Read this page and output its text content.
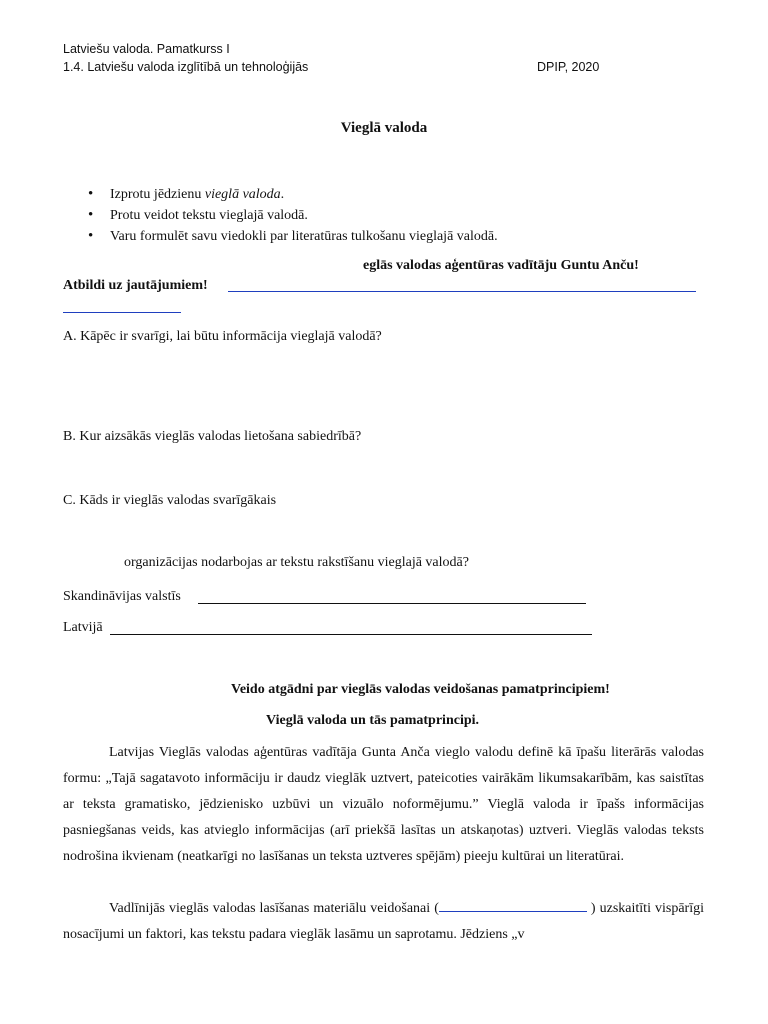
Latviešu valoda. Pamatkurss I
1.4. Latviešu valoda izglītībā un tehnoloģijās	DPIP, 2020
Vieglā valoda
• Izprotu jēdzienu vieglā valoda.
• Protu veidot tekstu vieglajā valodā.
• Varu formulēt savu viedokli par literatūras tulkošanu vieglajā valodā.
eglās valodas aģentūras vadītāju Guntu Anču!
Atbildi uz jautājumiem!
A. Kāpēc ir svarīgi, lai būtu informācija vieglajā valodā?
B. Kur aizsākās vieglās valodas lietošana sabiedrībā?
C. Kāds ir vieglās valodas svarīgākais
organizācijas nodarbojas ar tekstu rakstīšanu vieglajā valodā?
Skandināvijas valstīs
Latvijā
Veido atgādni par vieglās valodas veidošanas pamatprincipiem!
Vieglā valoda un tās pamatprincipi.
Latvijas Vieglās valodas aģentūras vadītāja Gunta Anča vieglo valodu definē kā īpašu literārās valodas formu: „Tajā sagatavoto informāciju ir daudz vieglāk uztvert, pateicoties vairākām likumsakarībām, kas saistītas ar teksta gramatisko, jēdzienisko uzbūvi un vizuālo noformējumu.” Vieglā valoda ir īpašs informācijas pasniegšanas veids, kas atvieglo informācijas (arī priekšā lasītas un atskaņotas) uztveri. Vieglās valodas teksts nodrošina ikvienam (neatkarīgi no lasīšanas un teksta uztveres spējām) pieeju kultūrai un literatūrai.
Vadlīnijās vieglās valodas lasīšanas materiālu veidošanai (	) uzskaitīti vispārīgi nosacījumi un faktori, kas tekstu padara vieglāk lasāmu un saprotamu. Jēdziens „v
